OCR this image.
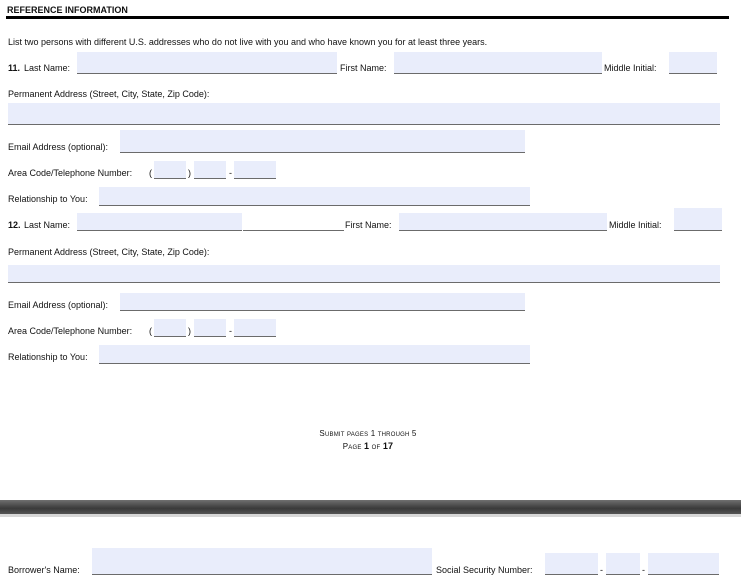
REFERENCE INFORMATION
List two persons with different U.S. addresses who do not live with you and who have known you for at least three years.
11. Last Name:	First Name:	Middle Initial:
Permanent Address (Street, City, State, Zip Code):
Email Address (optional):
Area Code/Telephone Number: (	)	-
Relationship to You:
12. Last Name:	First Name:	Middle Initial:
Permanent Address (Street, City, State, Zip Code):
Email Address (optional):
Area Code/Telephone Number: (	)	-
Relationship to You:
Submit pages 1 through 5
Page 1 of 17
Borrower's Name:	Social Security Number:	-	-
